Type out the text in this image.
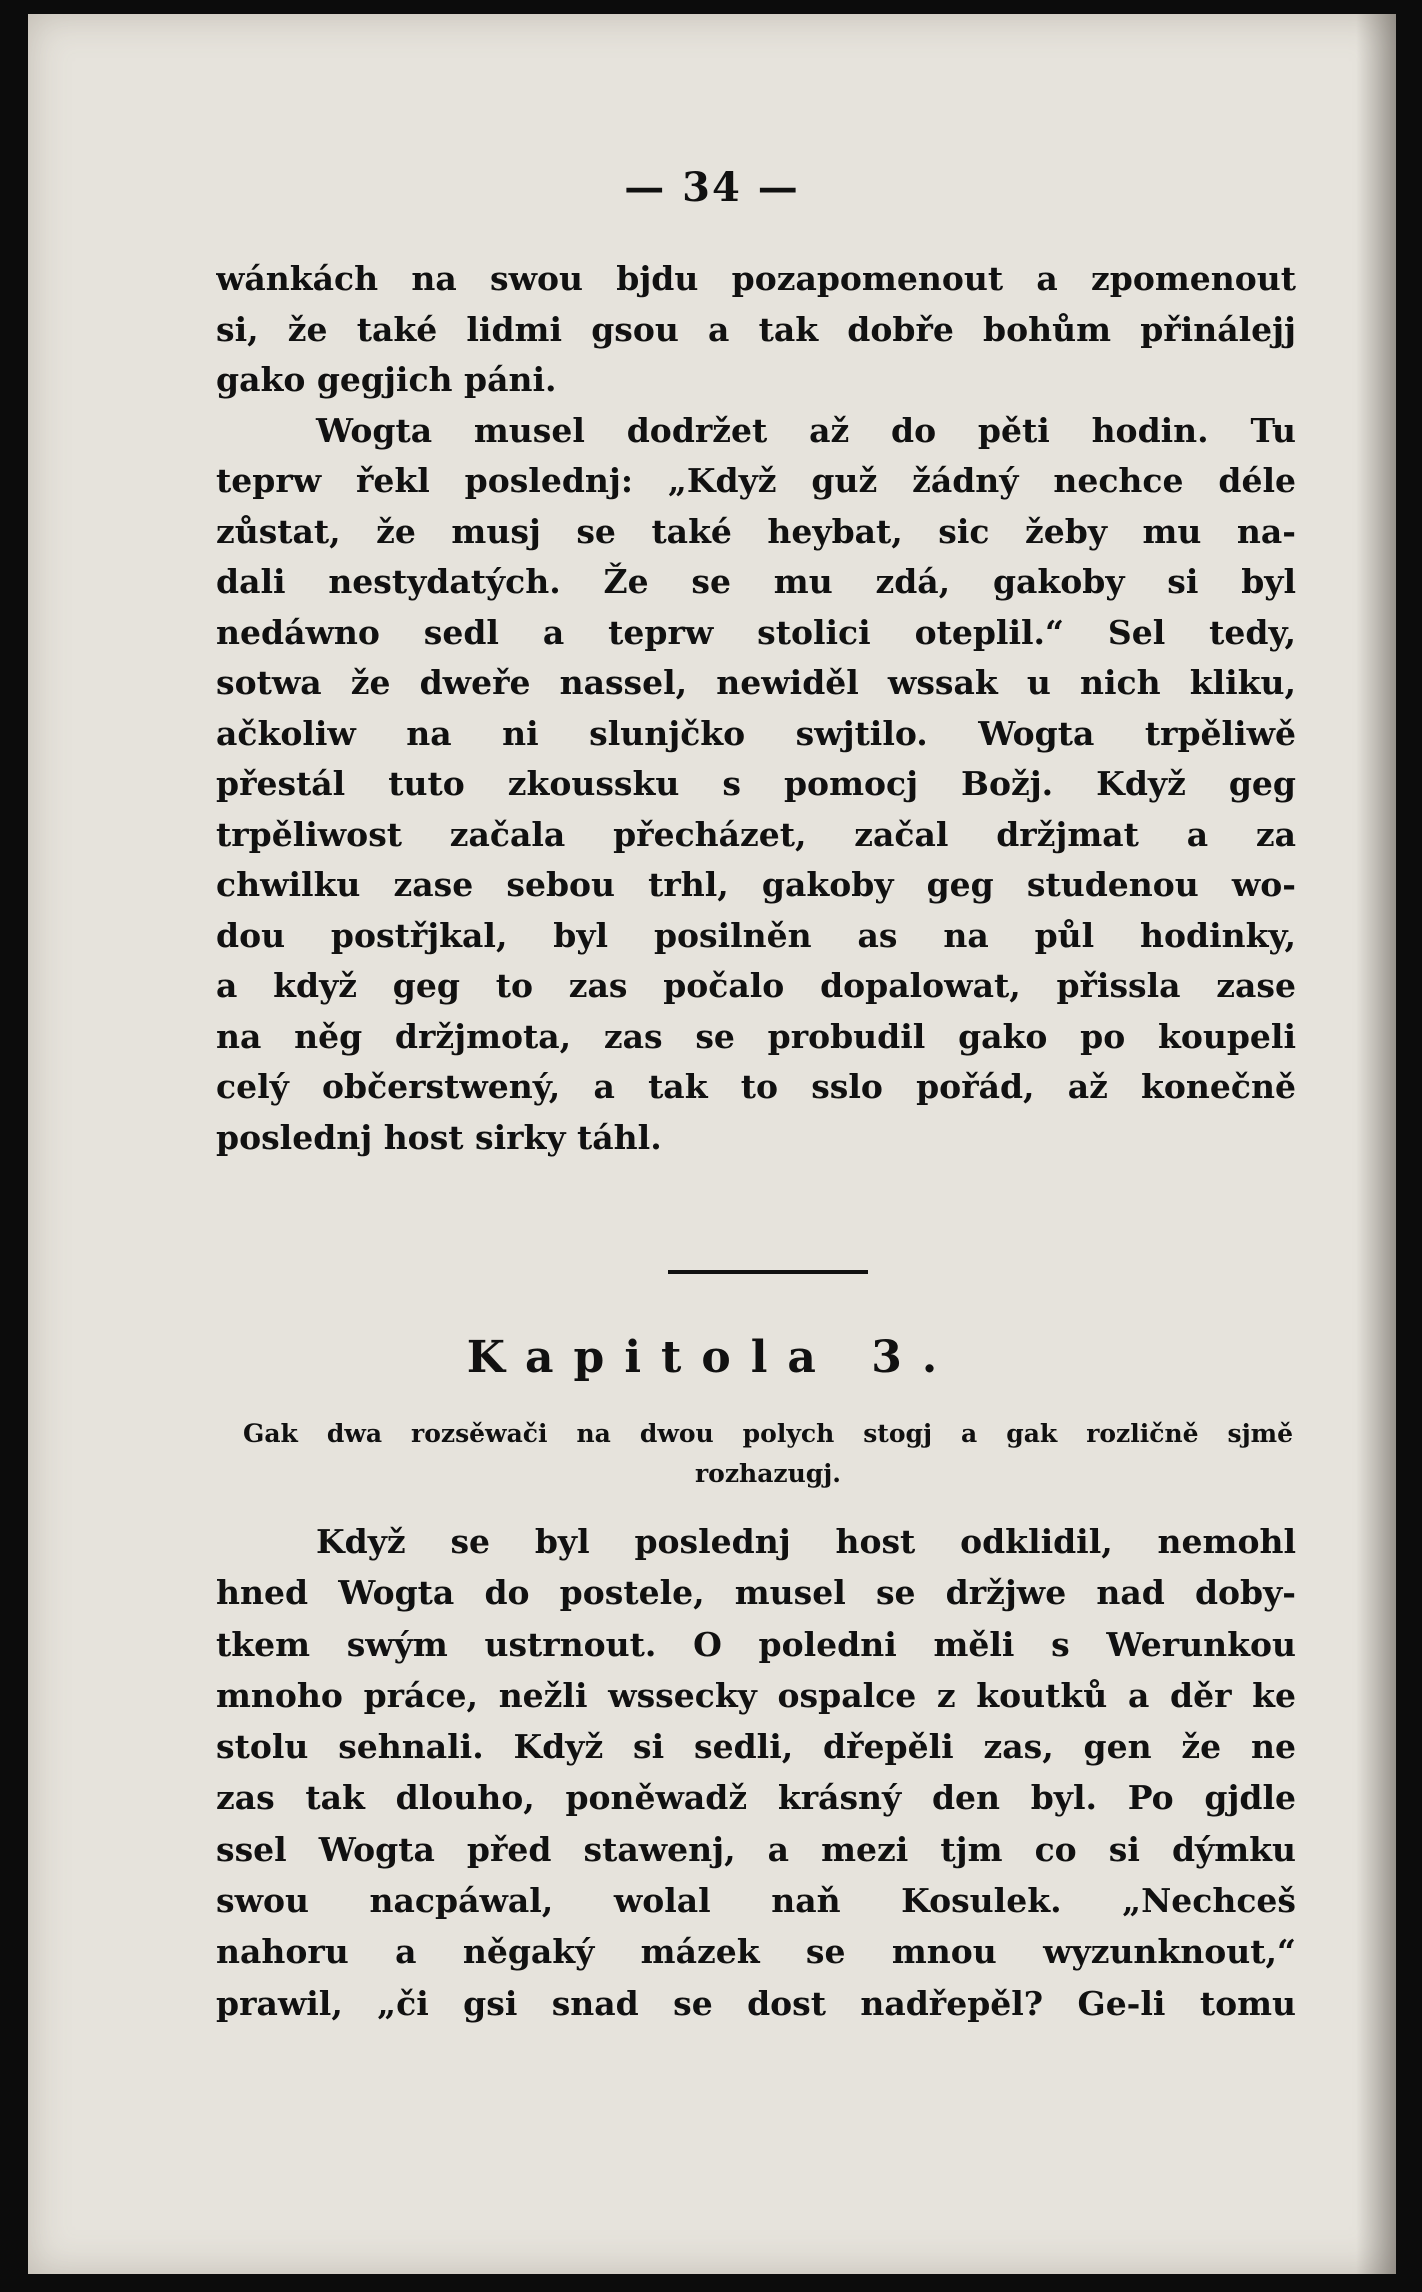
— 34 —
wánkách na swou bjdu pozapomenout a zpomenout
si, že také lidmi gsou a tak dobře bohům přinálejj
gako gegjich páni.
Wogta musel dodržet až do pěti hodin. Tu
teprw řekl poslednj: „Když guž žádný nechce déle
zůstat, že musj se také heybat, sic žeby mu na-
dali nestydatých. Že se mu zdá, gakoby si byl
nedáwno sedl a teprw stolici oteplil.“ Sel tedy,
sotwa že dweře nassel, newiděl wssak u nich kliku,
ačkoliw na ni slunjčko swjtilo. Wogta trpěliwě
přestál tuto zkoussku s pomocj Božj. Když geg
trpěliwost začala přecházet, začal držjmat a za
chwilku zase sebou trhl, gakoby geg studenou wo-
dou postřjkal, byl posilněn as na půl hodinky,
a když geg to zas počalo dopalowat, přissla zase
na něg držjmota, zas se probudil gako po koupeli
celý občerstwený, a tak to sslo pořád, až konečně
poslednj host sirky táhl.
Kapitola 3.
Gak dwa rozsěwači na dwou polych stogj a gak rozličně sjmě
rozhazugj.
Když se byl poslednj host odklidil, nemohl
hned Wogta do postele, musel se držjwe nad doby-
tkem swým ustrnout. O poledni měli s Werunkou
mnoho práce, nežli wssecky ospalce z koutků a děr ke
stolu sehnali. Když si sedli, dřepěli zas, gen že ne
zas tak dlouho, poněwadž krásný den byl. Po gjdle
ssel Wogta před stawenj, a mezi tjm co si dýmku
swou nacpáwal, wolal naň Kosulek. „Nechceš
nahoru a něgaký mázek se mnou wyzunknout,“
prawil, „či gsi snad se dost nadřepěl? Ge-li tomu
